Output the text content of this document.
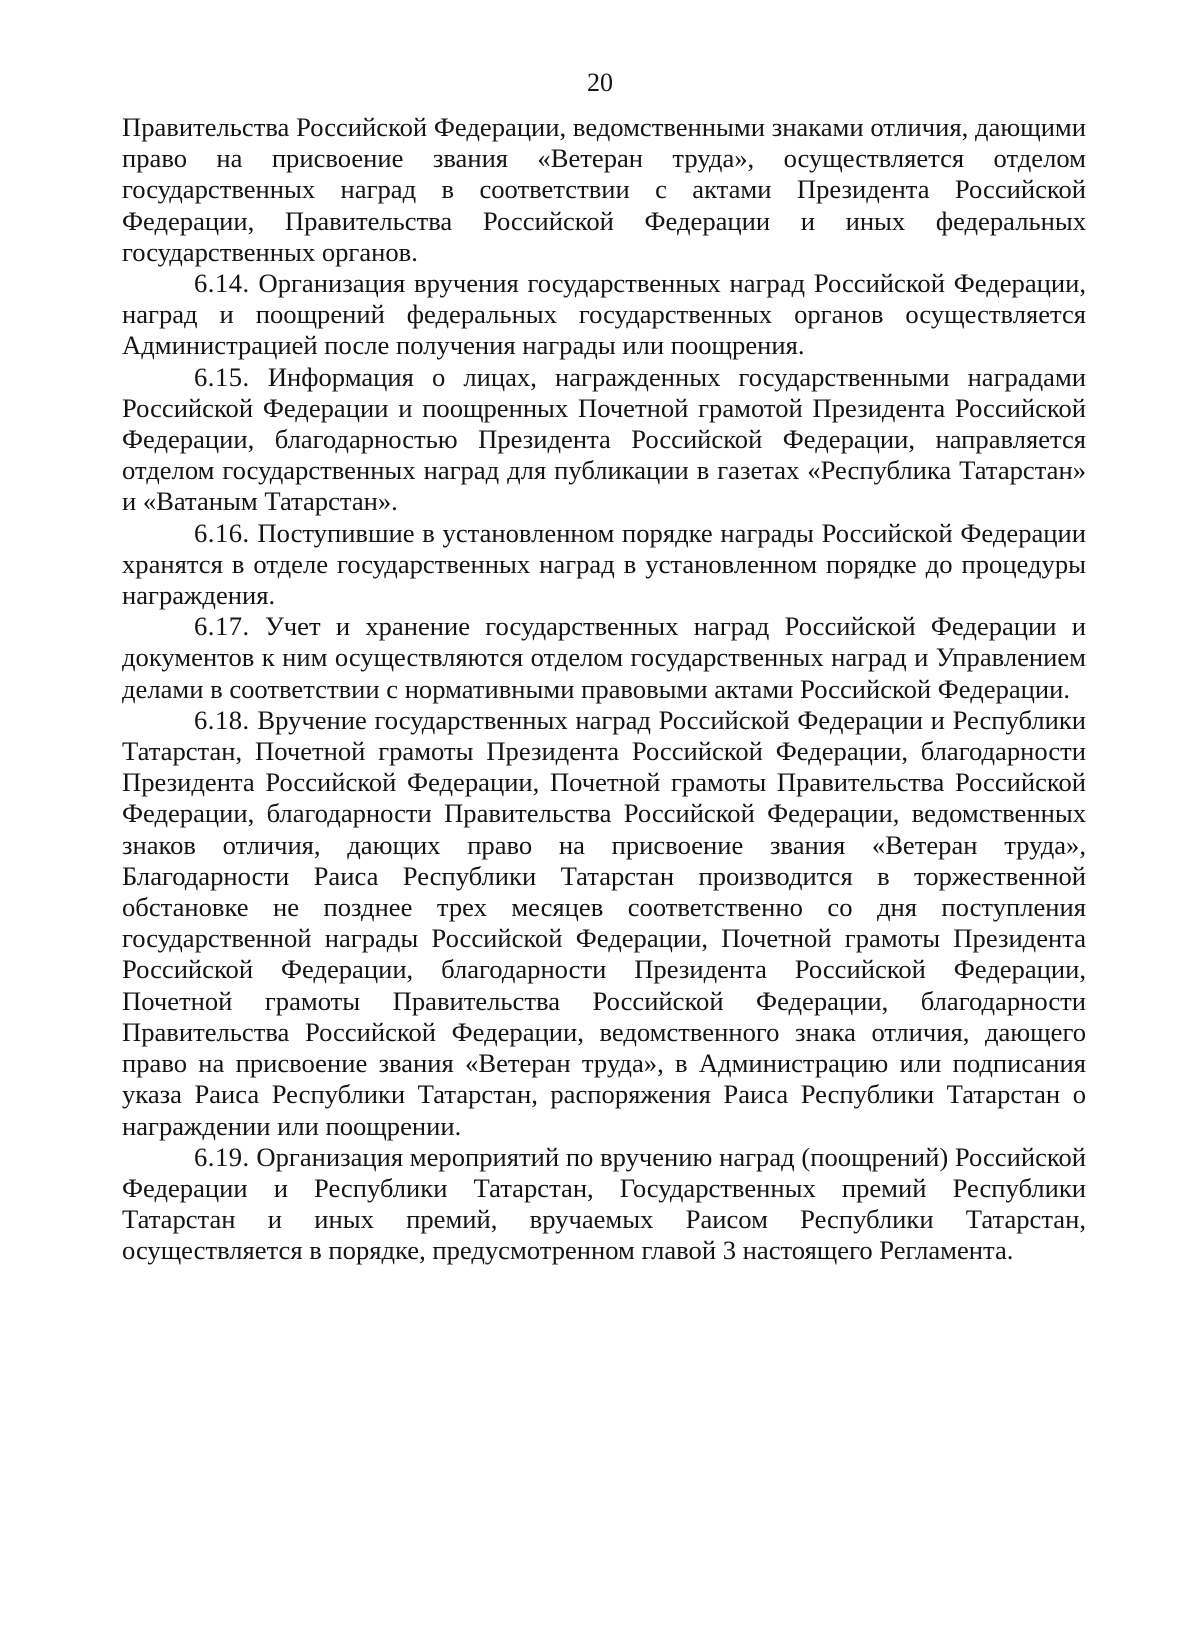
20

Правительства Российской Федерации, ведомственными знаками отличия, дающими право на присвоение звания «Ветеран труда», осуществляется отделом государственных наград в соответствии с актами Президента Российской Федерации, Правительства Российской Федерации и иных федеральных государственных органов.

6.14. Организация вручения государственных наград Российской Федерации, наград и поощрений федеральных государственных органов осуществляется Администрацией после получения награды или поощрения.

6.15. Информация о лицах, награжденных государственными наградами Российской Федерации и поощренных Почетной грамотой Президента Российской Федерации, благодарностью Президента Российской Федерации, направляется отделом государственных наград для публикации в газетах «Республика Татарстан» и «Ватаным Татарстан».

6.16. Поступившие в установленном порядке награды Российской Федерации хранятся в отделе государственных наград в установленном порядке до процедуры награждения.

6.17. Учет и хранение государственных наград Российской Федерации и документов к ним осуществляются отделом государственных наград и Управлением делами в соответствии с нормативными правовыми актами Российской Федерации.

6.18. Вручение государственных наград Российской Федерации и Республики Татарстан, Почетной грамоты Президента Российской Федерации, благодарности Президента Российской Федерации, Почетной грамоты Правительства Российской Федерации, благодарности Правительства Российской Федерации, ведомственных знаков отличия, дающих право на присвоение звания «Ветеран труда», Благодарности Раиса Республики Татарстан производится в торжественной обстановке не позднее трех месяцев соответственно со дня поступления государственной награды Российской Федерации, Почетной грамоты Президента Российской Федерации, благодарности Президента Российской Федерации, Почетной грамоты Правительства Российской Федерации, благодарности Правительства Российской Федерации, ведомственного знака отличия, дающего право на присвоение звания «Ветеран труда», в Администрацию или подписания указа Раиса Республики Татарстан, распоряжения Раиса Республики Татарстан о награждении или поощрении.

6.19. Организация мероприятий по вручению наград (поощрений) Российской Федерации и Республики Татарстан, Государственных премий Республики Татарстан и иных премий, вручаемых Раисом Республики Татарстан, осуществляется в порядке, предусмотренном главой 3 настоящего Регламента.
